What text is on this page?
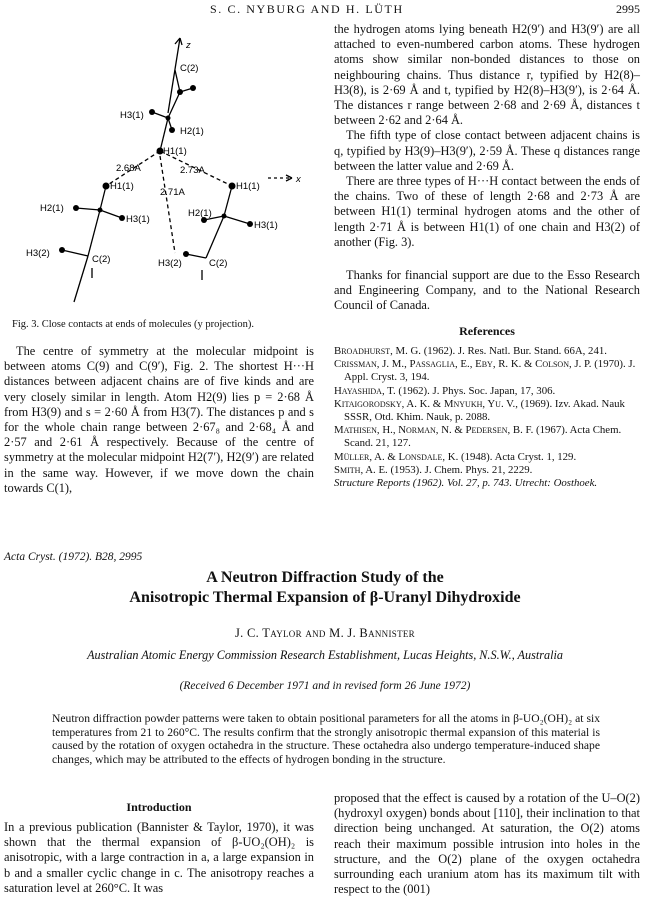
S. C. NYBURG AND H. LÜTH	2995
z
x
C(2)
H3(1)
H2(1)
H1(1)
2.68A	2.73A
2.71A
H1(1)	H1(1)
H2(1)
H3(1)
H2(1)
H3(1)
H3(2)
C(2)	H3(2)	C(2)
Fig. 3. Close contacts at ends of molecules (y projection).

The centre of symmetry at the molecular midpoint is between atoms C(9) and C(9′), Fig. 2. The shortest H···H distances between adjacent chains are of five kinds and are very closely similar in length. Atom H2(9) lies p = 2·68 Å from H3(9) and s = 2·60 Å from H3(7). The distances p and s for the whole chain range between 2·67₈ and 2·68₄ Å and 2·57 and 2·61 Å respectively. Because of the centre of symmetry at the molecular midpoint H2(7′), H2(9′) are related in the same way. However, if we move down the chain towards C(1),

the hydrogen atoms lying beneath H2(9′) and H3(9′) are all attached to even-numbered carbon atoms. These hydrogen atoms show similar non-bonded distances to those on neighbouring chains. Thus distance r, typified by H2(8)–H3(8), is 2·69 Å and t, typified by H2(8)–H3(9′), is 2·64 Å. The distances r range between 2·68 and 2·69 Å, distances t between 2·62 and 2·64 Å.

The fifth type of close contact between adjacent chains is q, typified by H3(9)–H3(9′), 2·59 Å. These q distances range between the latter value and 2·69 Å.

There are three types of H···H contact between the ends of the chains. Two of these of length 2·68 and 2·73 Å are between H1(1) terminal hydrogen atoms and the other of length 2·71 Å is between H1(1) of one chain and H3(2) of another (Fig. 3).

Thanks for financial support are due to the Esso Research and Engineering Company, and to the National Research Council of Canada.

References

Broadhurst, M. G. (1962). J. Res. Natl. Bur. Stand. 66A, 241.

Crissman, J. M., Passaglia, E., Eby, R. K. & Colson, J. P. (1970). J. Appl. Cryst. 3, 194.

Hayashida, T. (1962). J. Phys. Soc. Japan, 17, 306.

Kitaigorodsky, A. K. & Mnyukh, Yu. V., (1969). Izv. Akad. Nauk SSSR, Otd. Khim. Nauk, p. 2088.

Mathisen, H., Norman, N. & Pedersen, B. F. (1967). Acta Chem. Scand. 21, 127.

Müller, A. & Lonsdale, K. (1948). Acta Cryst. 1, 129.

Smith, A. E. (1953). J. Chem. Phys. 21, 2229.

Structure Reports (1962). Vol. 27, p. 743. Utrecht: Oosthoek.

Acta Cryst. (1972). B28, 2995
A Neutron Diffraction Study of the
Anisotropic Thermal Expansion of β-Uranyl Dihydroxide
J. C. Taylor and M. J. Bannister
Australian Atomic Energy Commission Research Establishment, Lucas Heights, N.S.W., Australia
(Received 6 December 1971 and in revised form 26 June 1972)
Neutron diffraction powder patterns were taken to obtain positional parameters for all the atoms in β-UO₂(OH)₂ at six temperatures from 21 to 260°C. The results confirm that the strongly anisotropic thermal expansion of this material is caused by the rotation of oxygen octahedra in the structure. These octahedra also undergo temperature-induced shape changes, which may be attributed to the effects of hydrogen bonding in the structure.
Introduction

In a previous publication (Bannister & Taylor, 1970), it was shown that the thermal expansion of β-UO₂(OH)₂ is anisotropic, with a large contraction in a, a large expansion in b and a smaller cyclic change in c. The anisotropy reaches a saturation level at 260°C. It was

proposed that the effect is caused by a rotation of the U–O(2) (hydroxyl oxygen) bonds about [110], their inclination to that direction being unchanged. At saturation, the O(2) atoms reach their maximum possible intrusion into holes in the structure, and the O(2) plane of the oxygen octahedra surrounding each uranium atom has its maximum tilt with respect to the (001)
